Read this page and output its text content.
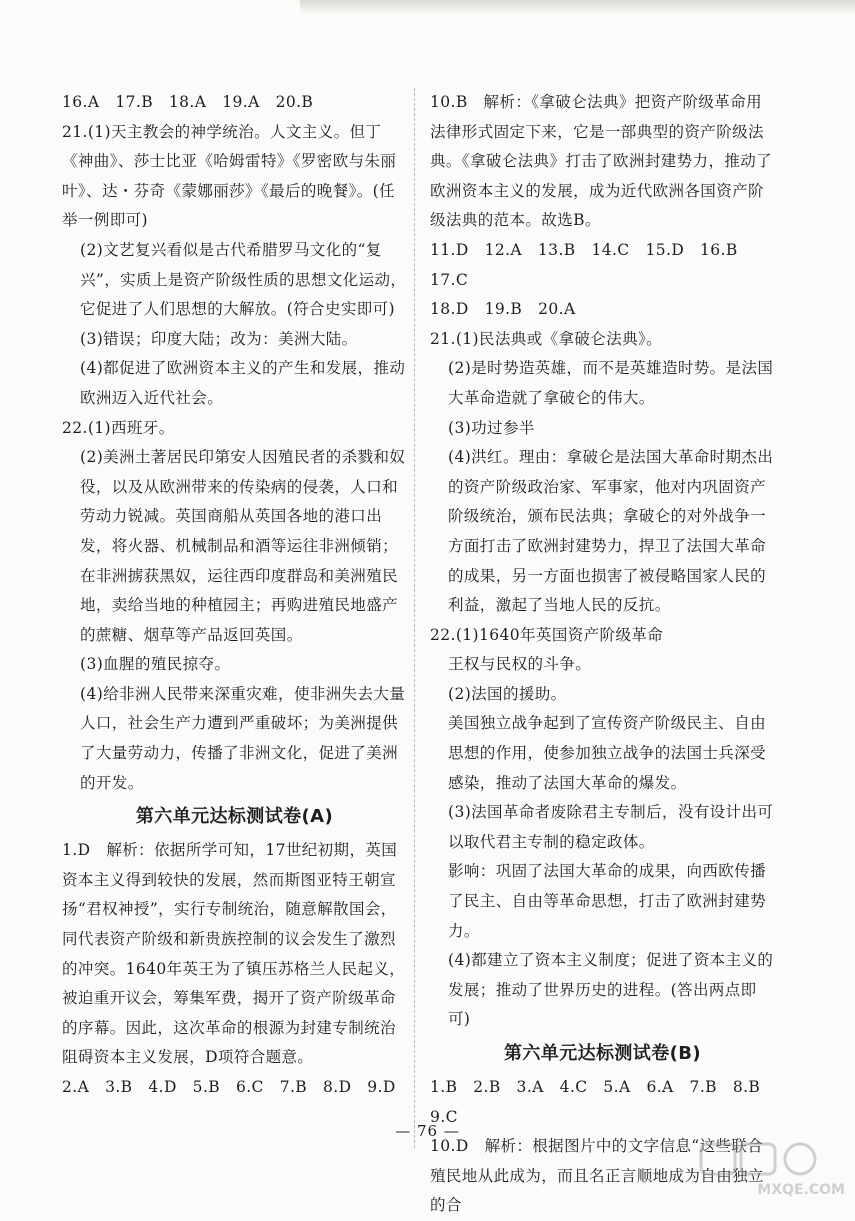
16.A　17.B　18.A　19.A　20.B

21.(1)天主教会的神学统治。人文主义。但丁《神曲》、莎士比亚《哈姆雷特》《罗密欧与朱丽叶》、达・芬奇《蒙娜丽莎》《最后的晚餐》。(任举一例即可)

(2)文艺复兴看似是古代希腊罗马文化的“复兴”，实质上是资产阶级性质的思想文化运动，它促进了人们思想的大解放。(符合史实即可)

(3)错误；印度大陆；改为：美洲大陆。

(4)都促进了欧洲资本主义的产生和发展，推动欧洲迈入近代社会。

22.(1)西班牙。

(2)美洲土著居民印第安人因殖民者的杀戮和奴役，以及从欧洲带来的传染病的侵袭，人口和劳动力锐减。英国商船从英国各地的港口出发，将火器、机械制品和酒等运往非洲倾销；在非洲掳获黑奴，运往西印度群岛和美洲殖民地，卖给当地的种植园主；再购进殖民地盛产的蔗糖、烟草等产品返回英国。

(3)血腥的殖民掠夺。

(4)给非洲人民带来深重灾难，使非洲失去大量人口，社会生产力遭到严重破坏；为美洲提供了大量劳动力，传播了非洲文化，促进了美洲的开发。

第六单元达标测试卷(A)

1.D　解析：依据所学可知，17世纪初期，英国资本主义得到较快的发展，然而斯图亚特王朝宣扬“君权神授”，实行专制统治，随意解散国会，同代表资产阶级和新贵族控制的议会发生了激烈的冲突。1640年英王为了镇压苏格兰人民起义，被迫重开议会，筹集军费，揭开了资产阶级革命的序幕。因此，这次革命的根源为封建专制统治阻碍资本主义发展，D项符合题意。

2.A　3.B　4.D　5.B　6.C　7.B　8.D　9.D

10.B　解析：《拿破仑法典》把资产阶级革命用法律形式固定下来，它是一部典型的资产阶级法典。《拿破仑法典》打击了欧洲封建势力，推动了欧洲资本主义的发展，成为近代欧洲各国资产阶级法典的范本。故选B。

11.D　12.A　13.B　14.C　15.D　16.B　17.C

18.D　19.B　20.A

21.(1)民法典或《拿破仑法典》。

(2)是时势造英雄，而不是英雄造时势。是法国大革命造就了拿破仑的伟大。

(3)功过参半

(4)洪红。理由：拿破仑是法国大革命时期杰出的资产阶级政治家、军事家，他对内巩固资产阶级统治，颁布民法典；拿破仑的对外战争一方面打击了欧洲封建势力，捍卫了法国大革命的成果，另一方面也损害了被侵略国家人民的利益，激起了当地人民的反抗。

22.(1)1640年英国资产阶级革命

王权与民权的斗争。

(2)法国的援助。

美国独立战争起到了宣传资产阶级民主、自由思想的作用，使参加独立战争的法国士兵深受感染，推动了法国大革命的爆发。

(3)法国革命者废除君主专制后，没有设计出可以取代君主专制的稳定政体。

影响：巩固了法国大革命的成果，向西欧传播了民主、自由等革命思想，打击了欧洲封建势力。

(4)都建立了资本主义制度；促进了资本主义的发展；推动了世界历史的进程。(答出两点即可)

第六单元达标测试卷(B)

1.B　2.B　3.A　4.C　5.A　6.A　7.B　8.B　9.C

10.D　解析：根据图片中的文字信息“这些联合殖民地从此成为，而且名正言顺地成为自由独立的合

— 76 —
MXQE.COM
